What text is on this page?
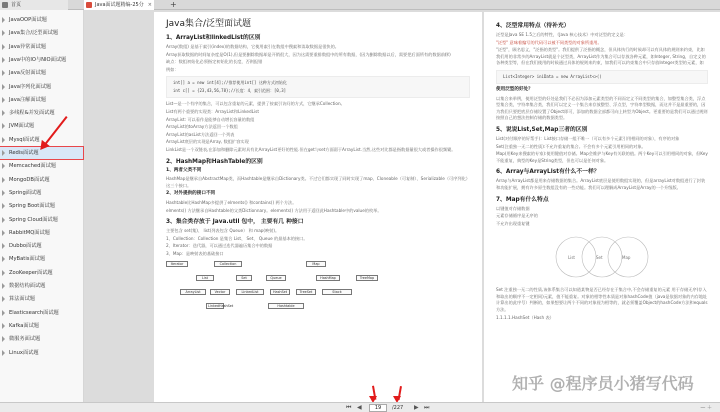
首页	Java面试题精编-25分 × +
JavaOOP面试题
Java集合/泛型面试题
Java异常面试题
Java中的IO与NIO面试题
Java反射面试题
Java序列化面试题
Java注解面试题
多线程&并发面试题
JVM面试题
Mysql面试题
Redis面试题
Memcached面试题
MongoDB面试题
Spring面试题
Spring Boot面试题
Spring Cloud面试题
RabbitMQ面试题
Dubbo面试题
MyBatis面试题
ZooKeeper面试题
数据结构面试题
算法面试题
Elasticsearch面试题
Kafka面试题
微服务面试题
Linux面试题
Java集合/泛型面试题
1、ArrayList和linkedList的区别
Array(数组) 是基于索引(index)的数据结构，它使用索引在数组中搜索和读取数据是很快的。
Array获取数据的时间复杂度是O(1),但是要删除数据却是开销很大，因为这需要重排数组中的所有数据，(因为删除数据以后，需要把后面所有的数据前移)
缺点：数组初始化必须指定初始化的长度，否则报错
例如：
int[] a = new int[4];//推荐使用int[] 这种方式初始化
int c[] = {23,43,56,78};//长度：4，索引范围：[0,3]
List—是一个有序的集合，可以包含重复的元素，提供了按索引访问的方式，它继承Collection。
List有两个重要的实现类：ArrayList和LinkedList
ArrayList: 可以看作是能够自动增长容量的数组
ArrayList的toArray方法返回一个数组
ArrayList的asList方法返回一个列表
ArrayList底层的实现是Array, 数组扩容实现
LinkList是一个双链表,在添加和删除元素时具有比ArrayList更好的性能.但在get与set方面弱于ArrayList.当然,这些对比都是指数据量很大或者操作很频繁。
2、HashMap和HashTable的区别
1、两者父类不同
HashMap是继承自AbstractMap类，而Hashtable是继承自Dictionary类。不过它们都实现了同时实现了map、Cloneable（可复制）、Serializable（可序列化）这三个接口。
2、对外提供的接口不同
Hashtable比HashMap多提供了elments() 和contains() 两个方法。
elments() 方法继承自Hashtable的父类Dictionnary。elements() 方法用于返回此Hashtable中的value的枚举。
3、集合类存放于 Java.util 包中， 主要有几 种接口
主要包含 set(集)、 list(列表包含 Queue） 和 map(映射)。
1、Collection：Collection 是集合 List、 Set、 Queue 的最基本的接口。
2、Iterator：迭代器，可以通过迭代器遍历集合中的数据
3、Map：是映射表的基础接口
Iterator	Collection	Map
List	Set	Queue	HashMap	TreeMap
ArrayList	Vector	LinkedList	HashSet	TreeSet	Stack
LinkedHashSet	Hashtable
4、泛型常用特点（待补充）
泛型是Java SE 1.5之后的特性，《Java 核心技术》中对泛型的定义是：
"泛型" 意味着编写的代码可以被不同类型的对象所重用。
"泛型"，顾名思义，"泛指的类型"。我们提供了泛指的概念，但具体执行的时候却可以有具体的规则来约束，比如我们用的非常多的ArrayList就是个泛型类，ArrayList作为集合可以存放各种元素，如Integer, String，自定义的各种类型等，但在我们使用的时候通过具体的规则来约束，如我们可以约束集合中只存放Integer类型的元素，如
List<Integer> iniData = new ArrayList<>()
使用泛型的好处？
以集合来举例，使用泛型的好处是我们不必因为添加元素类型的不同而定义不同类型的集合，如整型集合类，浮点型集合类，字符串集合类，我们可以定义一个集合来存放整型、浮点型，字符串型数据，而这并不是最重要的，因为我们只要把底层存储设置了Object即可，添加的数据全部都可向上转型为Object。更重要的是我们可以通过规则按照自己的想法控制存储的数据类型。
5、说说List,Set,Map三者的区别
List(对付顺序的好帮手)：List接口存储一组不唯一（可以有多个元素引用相同的对象），有序的对象
Set(注重独一无二的性质):不允许重复的集合。不会有多个元素引用相同的对象。
Map(用Key来搜索的专家):使用键值对存储。Map会维护与Key有关联的值。两个Key可以引用相同的对象，但Key不能重复，典型的Key是String类型，但也可以是任何对象。
6、Array与ArrayList有什么不一样？
Array与ArrayList都是用来存储数据的集合。ArrayList底层是使用数组实现的，但是arrayList对数组进行了封装和功能扩展，拥有许多原生数组没有的一些功能。我们可以理解成ArrayList是Array的一个升级版。
7、Map有什么特点
以键值对存储数据
元素存储循序是无序的
不允许出现重复键
List	Set	Map
Set 注重独一无二的性质,该体系集合可以知道某物是否已经存在于集合中,不会存储重复的元素 用于存储无序(存入和取出的顺序不一定相同)元素，值不能重复。对象的相等性本质是对象hashCode值（java是依据对象的内存地址计算出的此序号）判断的，如果想要让两个不同的对象视为相等的，就必须覆盖Object的hashCode方法和equals方法。
1.1.1.1.HashSet（Hash 表）
知乎 @程序员小猪写代码
⏮ ◀
19	/227 ▶ ⏭	— ＋
